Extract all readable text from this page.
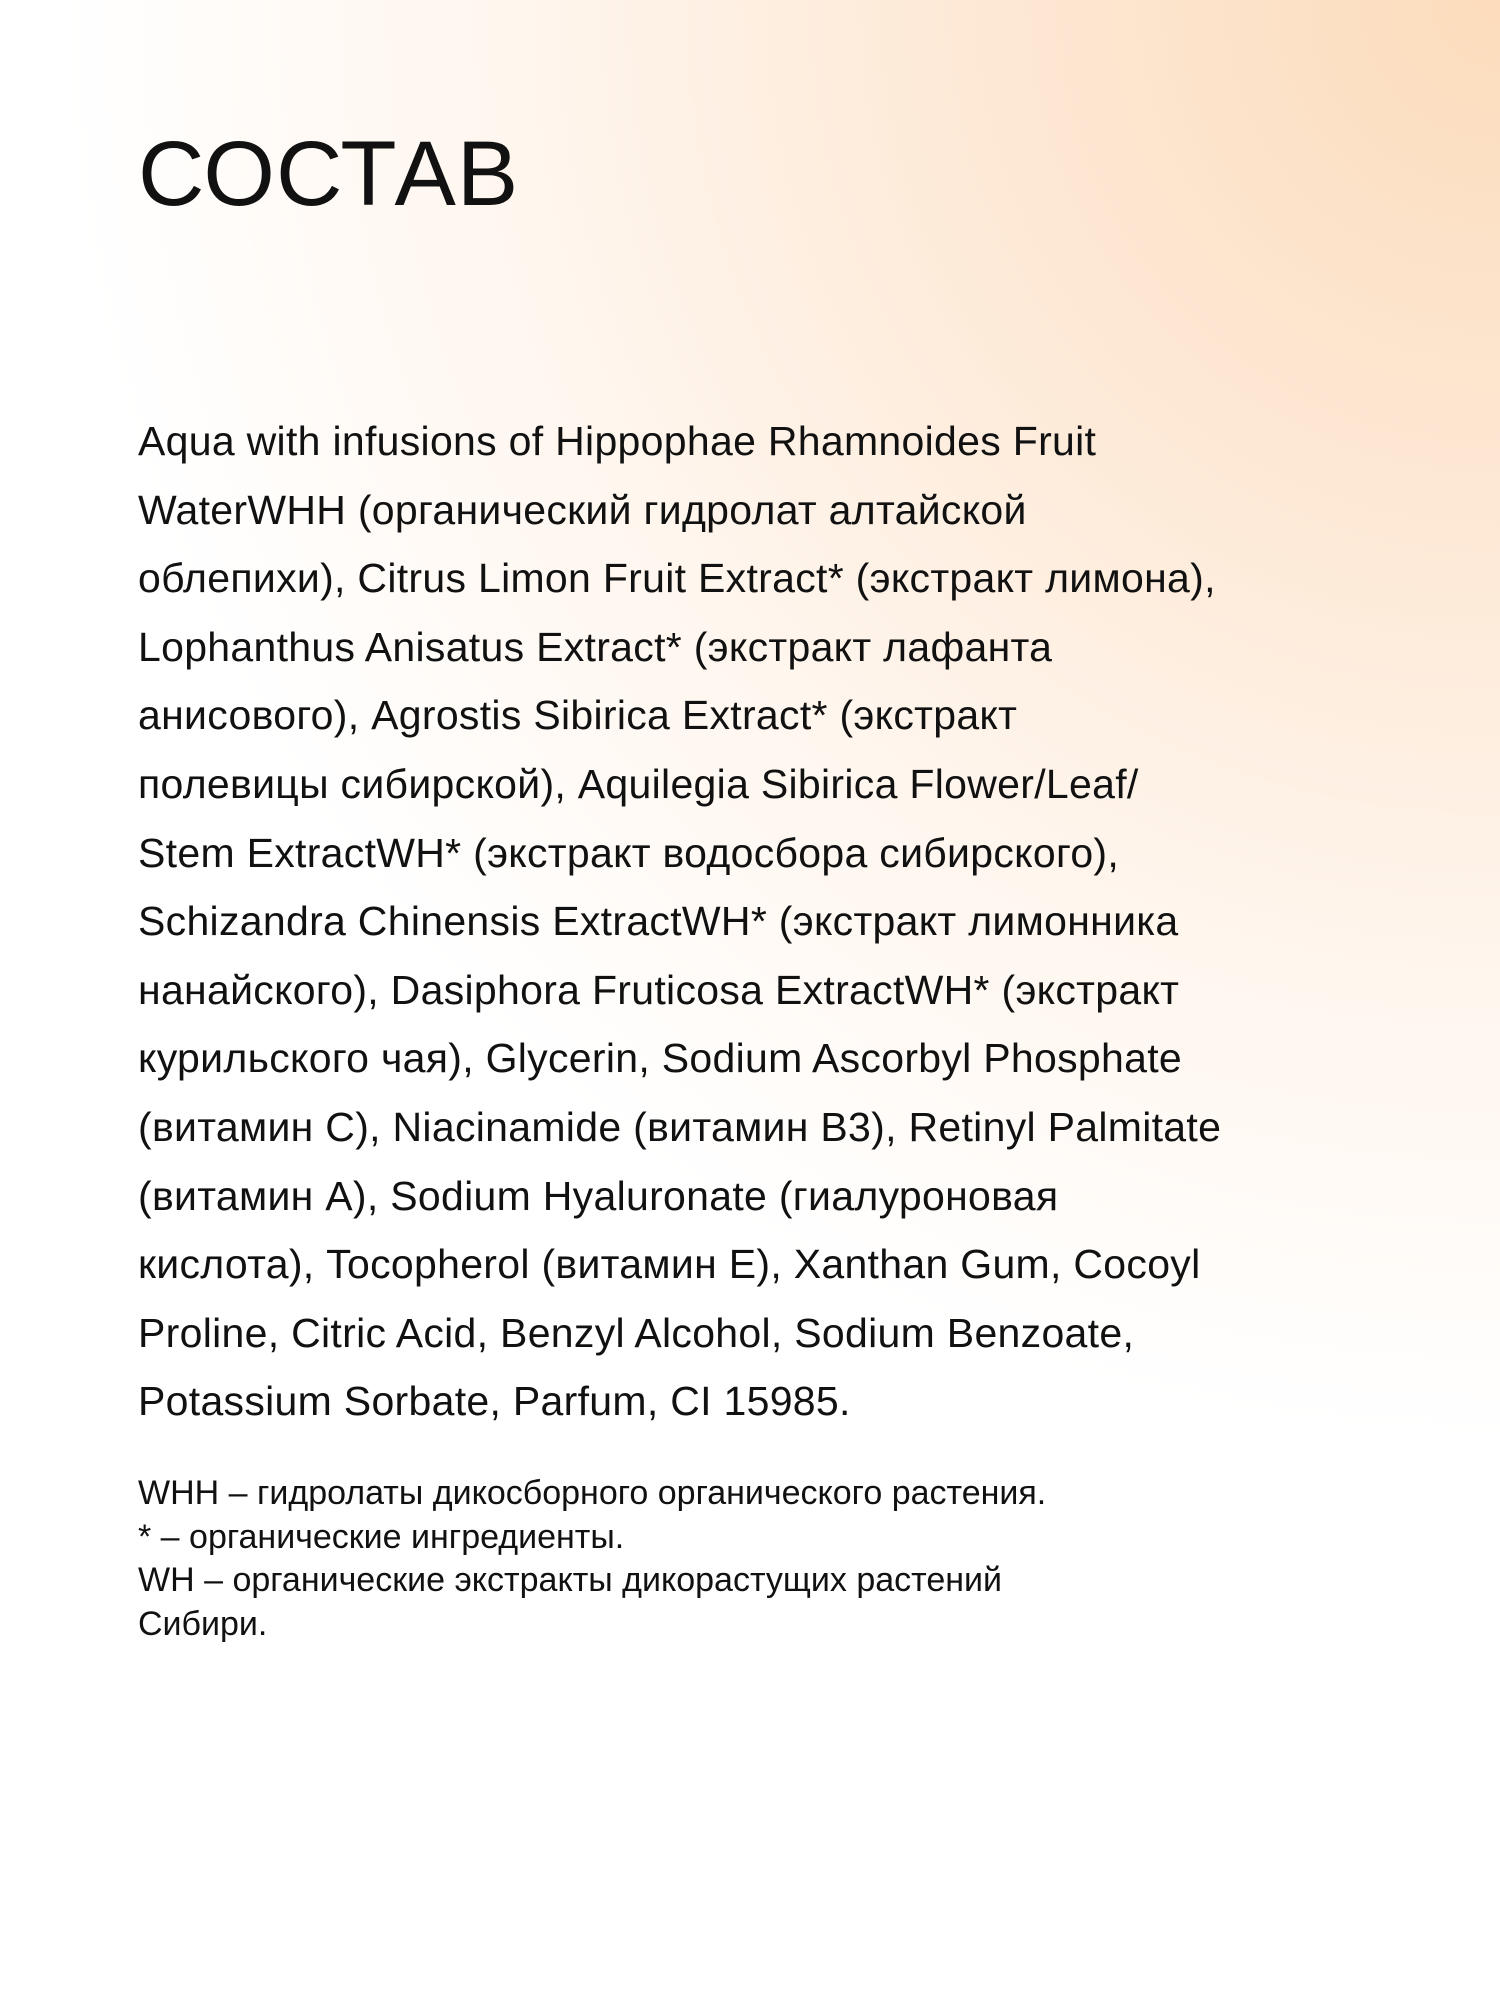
СОСТАВ

Aqua with infusions of Hippophae Rhamnoides Fruit
WaterWHH (органический гидролат алтайской
облепихи), Citrus Limon Fruit Extract* (экстракт лимона),
Lophanthus Anisatus Extract* (экстракт лафанта
анисового), Agrostis Sibirica Extract* (экстракт
полевицы сибирской), Aquilegia Sibirica Flower/Leaf/
Stem ExtractWH* (экстракт водосбора сибирского),
Schizandra Chinensis ExtractWH* (экстракт лимонника
нанайского), Dasiphora Fruticosa ExtractWH* (экстракт
курильского чая), Glycerin, Sodium Ascorbyl Phosphate
(витамин С), Niacinamide (витамин В3), Retinyl Palmitate
(витамин А), Sodium Hyaluronate (гиалуроновая
кислота), Tocopherol (витамин Е), Xanthan Gum, Cocoyl
Proline, Citric Acid, Benzyl Alcohol, Sodium Benzoate,
Potassium Sorbate, Parfum, CI 15985.

WHH – гидролаты дикосборного органического растения.
* – органические ингредиенты.
WH – органические экстракты дикорастущих растений
Сибири.
